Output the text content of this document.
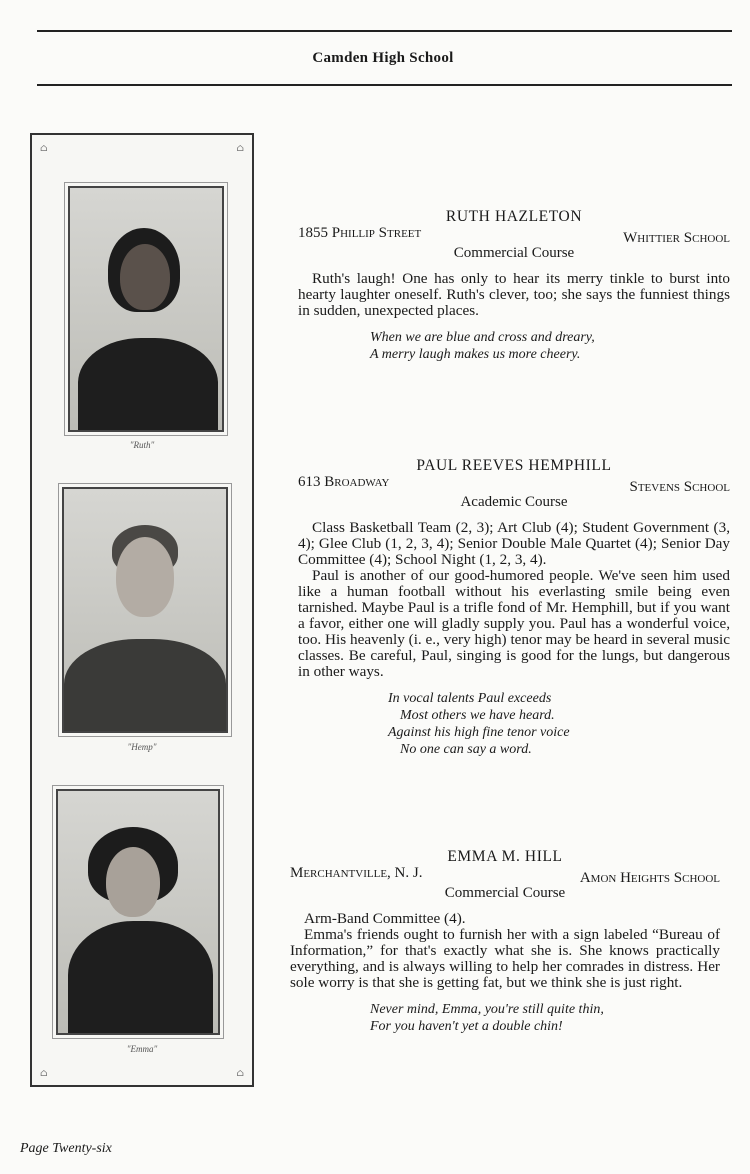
Camden High School
⌂	⌂
⌂	⌂
"Ruth"
"Hemp"
"Emma"
RUTH HAZLETON
1855 Phillip Street	Whittier School
Commercial Course

Ruth's laugh! One has only to hear its merry tinkle to burst into hearty laughter oneself. Ruth's clever, too; she says the funniest things in sudden, unexpected places.

When we are blue and cross and dreary,
A merry laugh makes us more cheery.
PAUL REEVES HEMPHILL
613 Broadway	Stevens School
Academic Course

Class Basketball Team (2, 3); Art Club (4); Student Government (3, 4); Glee Club (1, 2, 3, 4); Senior Double Male Quartet (4); Senior Day Committee (4); School Night (1, 2, 3, 4).

Paul is another of our good-humored people. We've seen him used like a human football without his everlasting smile being even tarnished. Maybe Paul is a trifle fond of Mr. Hemphill, but if you want a favor, either one will gladly supply you. Paul has a wonderful voice, too. His heavenly (i. e., very high) tenor may be heard in several music classes. Be careful, Paul, singing is good for the lungs, but dangerous in other ways.

In vocal talents Paul exceeds
Most others we have heard.
Against his high fine tenor voice
No one can say a word.
EMMA M. HILL
Merchantville, N. J.	Amon Heights School
Commercial Course

Arm-Band Committee (4).

Emma's friends ought to furnish her with a sign labeled “Bureau of Information,” for that's exactly what she is. She knows practically everything, and is always willing to help her comrades in distress. Her sole worry is that she is getting fat, but we think she is just right.

Never mind, Emma, you're still quite thin,
For you haven't yet a double chin!
Page Twenty-six
